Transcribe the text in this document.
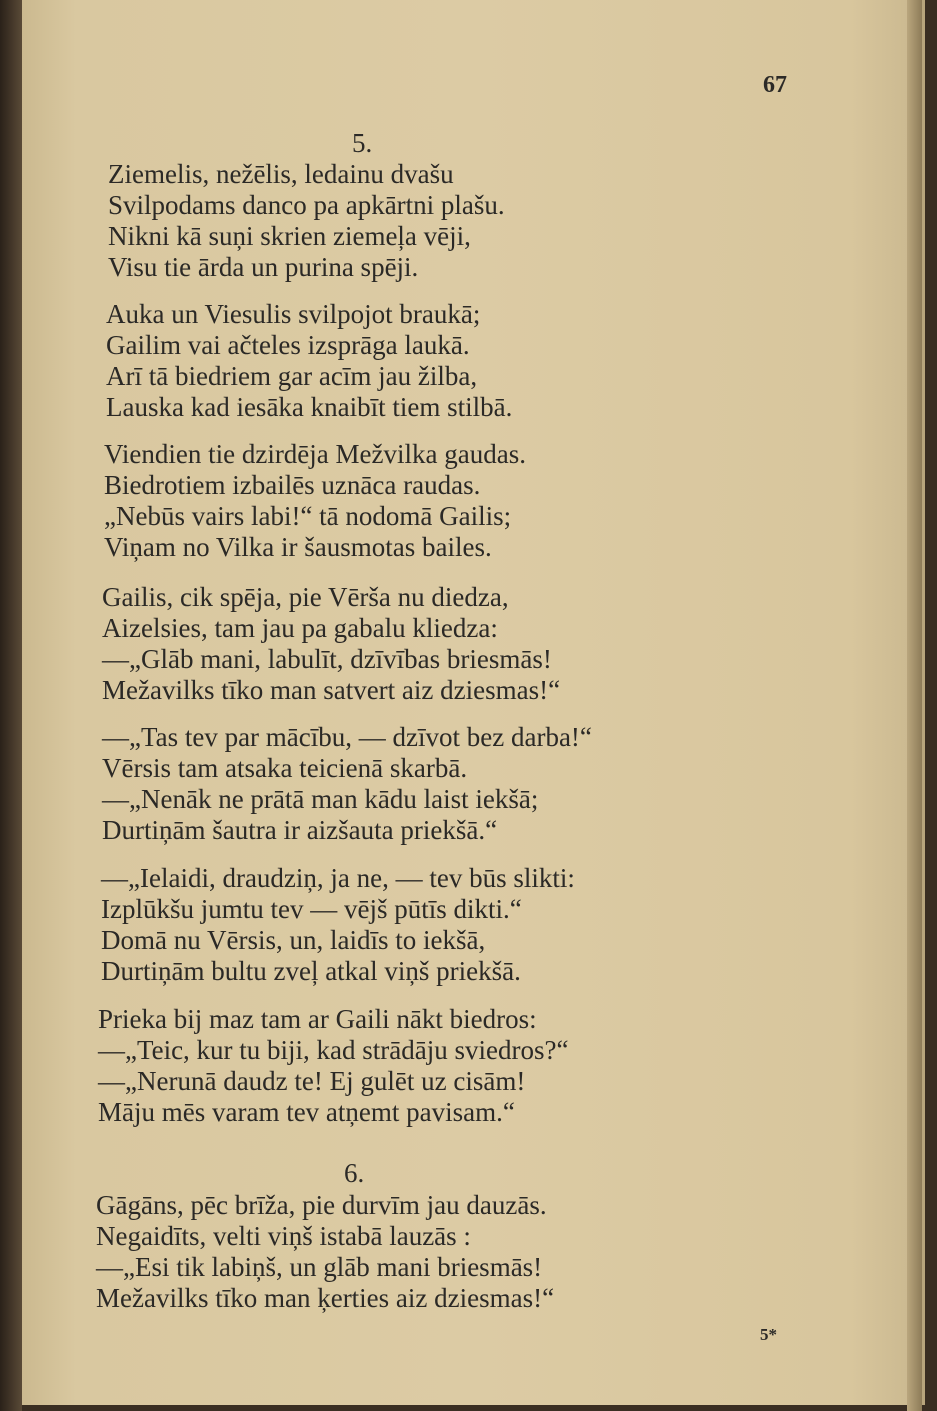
67
5.
Ziemelis, nežēlis, ledainu dvašu
Svilpodams danco pa apkārtni plašu.
Nikni kā suņi skrien ziemeļa vēji,
Visu tie ārda un purina spēji.
Auka un Viesulis svilpojot braukā;
Gailim vai ačteles izsprāga laukā.
Arī tā biedriem gar acīm jau žilba,
Lauska kad iesāka knaibīt tiem stilbā.
Viendien tie dzirdēja Mežvilka gaudas.
Biedrotiem izbailēs uznāca raudas.
„Nebūs vairs labi!“ tā nodomā Gailis;
Viņam no Vilka ir šausmotas bailes.
Gailis, cik spēja, pie Vērša nu diedza,
Aizelsies, tam jau pa gabalu kliedza:
—„Glāb mani, labulīt, dzīvības briesmās!
Mežavilks tīko man satvert aiz dziesmas!“
—„Tas tev par mācību, — dzīvot bez darba!“
Vērsis tam atsaka teicienā skarbā.
—„Nenāk ne prātā man kādu laist iekšā;
Durtiņām šautra ir aizšauta priekšā.“
—„Ielaidi, draudziņ, ja ne, — tev būs slikti:
Izplūkšu jumtu tev — vējš pūtīs dikti.“
Domā nu Vērsis, un, laidīs to iekšā,
Durtiņām bultu zveļ atkal viņš priekšā.
Prieka bij maz tam ar Gaili nākt biedros:
—„Teic, kur tu biji, kad strādāju sviedros?“
—„Nerunā daudz te! Ej gulēt uz cisām!
Māju mēs varam tev atņemt pavisam.“
6.
Gāgāns, pēc brīža, pie durvīm jau dauzās.
Negaidīts, velti viņš istabā lauzās :
—„Esi tik labiņš, un glāb mani briesmās!
Mežavilks tīko man ķerties aiz dziesmas!“
5*
